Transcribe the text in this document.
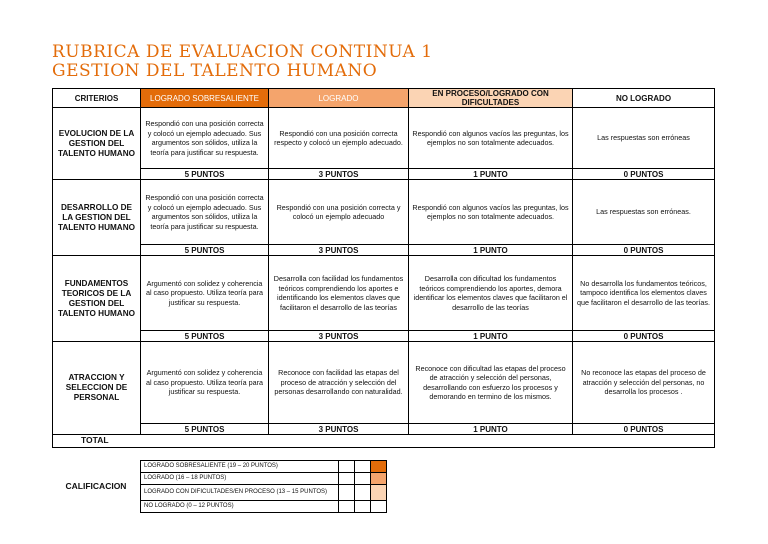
RUBRICA DE EVALUACION CONTINUA 1
GESTION DEL TALENTO HUMANO
CRITERIOS	LOGRADO SOBRESALIENTE	LOGRADO	EN PROCESO/LOGRADO CON DIFICULTADES	NO LOGRADO
EVOLUCION DE LA GESTION DEL TALENTO HUMANO	Respondió con una posición correcta y colocó un ejemplo adecuado. Sus argumentos son sólidos, utiliza la teoría para justificar su respuesta.	Respondió con una posición correcta respecto y colocó un ejemplo adecuado.	Respondió con algunos vacíos las preguntas, los ejemplos no son totalmente adecuados.	Las respuestas son erróneas
	5 PUNTOS	3 PUNTOS	1 PUNTO	0 PUNTOS
DESARROLLO DE LA GESTION DEL TALENTO HUMANO	Respondió con una posición correcta y colocó un ejemplo adecuado. Sus argumentos son sólidos, utiliza la teoría para justificar su respuesta.	Respondió con una posición correcta y colocó un ejemplo adecuado	Respondió con algunos vacíos las preguntas, los ejemplos no son totalmente adecuados.	Las respuestas son erróneas.
	5 PUNTOS	3 PUNTOS	1 PUNTO	0 PUNTOS
FUNDAMENTOS TEORICOS DE LA GESTION DEL TALENTO HUMANO	Argumentó con solidez y coherencia al caso propuesto. Utiliza teoría para justificar su respuesta.	Desarrolla con facilidad los fundamentos teóricos comprendiendo los aportes e identificando los elementos claves que facilitaron el desarrollo de las teorías	Desarrolla con dificultad los fundamentos teóricos comprendiendo los aportes, demora identificar los elementos claves que facilitaron el desarrollo de las teorías	No desarrolla los fundamentos teóricos, tampoco identifica los elementos claves que facilitaron el desarrollo de las teorías.
	5 PUNTOS	3 PUNTOS	1 PUNTO	0 PUNTOS
ATRACCION Y SELECCION DE PERSONAL	Argumentó con solidez y coherencia al caso propuesto. Utiliza teoría para justificar su respuesta.	Reconoce con facilidad las etapas del proceso de atracción y selección del personas desarrollando con naturalidad.	Reconoce con dificultad las etapas del proceso de atracción y selección del personas, desarrollando con esfuerzo los procesos y demorando en termino de los mismos.	No reconoce las etapas del proceso de atracción y selección del personas, no desarrolla los procesos .
	5 PUNTOS	3 PUNTOS	1 PUNTO	0 PUNTOS
TOTAL				
CALIFICACION
LOGRADO SOBRESALIENTE (19 – 20 PUNTOS)			
LOGRADO (16 – 18 PUNTOS)			
LOGRADO CON DIFICULTADES/EN PROCESO (13 – 15 PUNTOS)			
NO LOGRADO (0 – 12 PUNTOS)			
